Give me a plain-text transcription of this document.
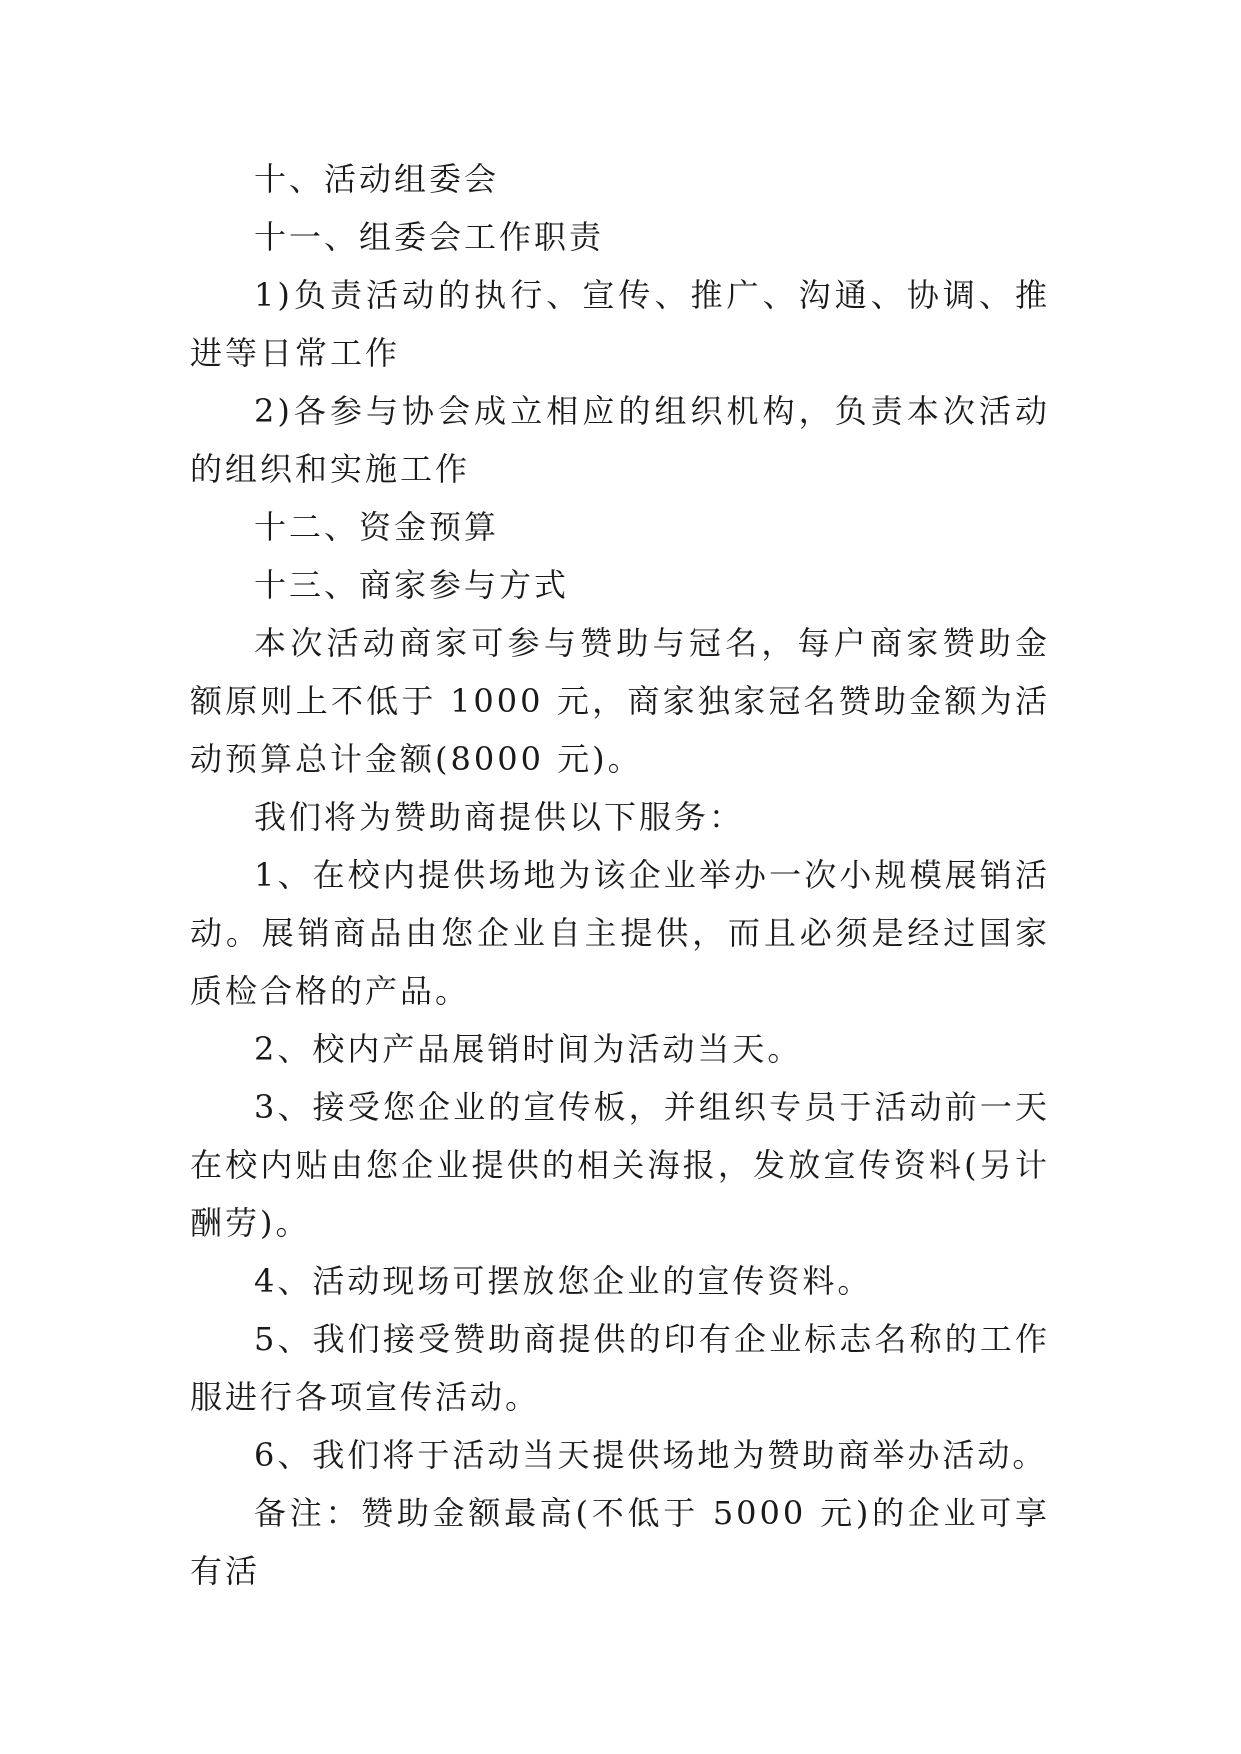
十、活动组委会

十一、组委会工作职责

1)负责活动的执行、宣传、推广、沟通、协调、推进等日常工作

2)各参与协会成立相应的组织机构，负责本次活动的组织和实施工作

十二、资金预算

十三、商家参与方式

本次活动商家可参与赞助与冠名，每户商家赞助金额原则上不低于 1000 元，商家独家冠名赞助金额为活动预算总计金额(8000 元)。

我们将为赞助商提供以下服务：

1、在校内提供场地为该企业举办一次小规模展销活动。展销商品由您企业自主提供，而且必须是经过国家质检合格的产品。

2、校内产品展销时间为活动当天。

3、接受您企业的宣传板，并组织专员于活动前一天在校内贴由您企业提供的相关海报，发放宣传资料(另计酬劳)。

4、活动现场可摆放您企业的宣传资料。

5、我们接受赞助商提供的印有企业标志名称的工作服进行各项宣传活动。

6、我们将于活动当天提供场地为赞助商举办活动。

备注：赞助金额最高(不低于 5000 元)的企业可享有活
